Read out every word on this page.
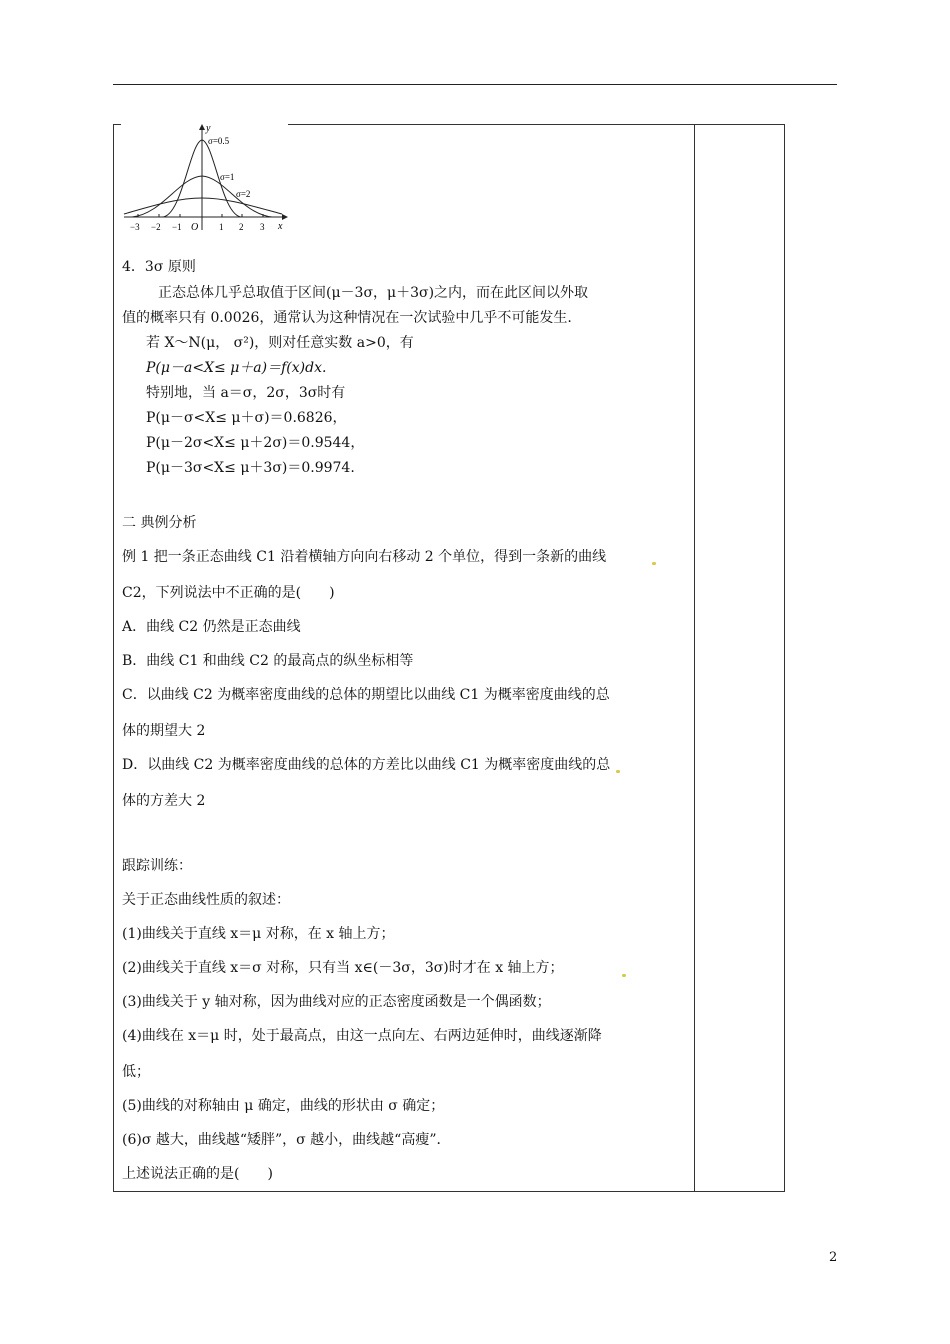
y
x
O
σ=0.5
σ=1
σ=2
−3 −2 −1	1 2 3
4．3σ 原则
正态总体几乎总取值于区间(μ－3σ，μ＋3σ)之内，而在此区间以外取
值的概率只有 0.0026，通常认为这种情况在一次试验中几乎不可能发生.
若 X～N(μ， σ²)，则对任意实数 a>0，有
P(μ－a<X≤ μ＋a)＝f(x)dx.
特别地，当 a＝σ，2σ，3σ时有
P(μ－σ<X≤ μ＋σ)＝0.6826，
P(μ－2σ<X≤ μ＋2σ)＝0.9544，
P(μ－3σ<X≤ μ＋3σ)＝0.9974.
二 典例分析
例 1 把一条正态曲线 C1 沿着横轴方向向右移动 2 个单位，得到一条新的曲线
C2，下列说法中不正确的是(　　)
A．曲线 C2 仍然是正态曲线
B．曲线 C1 和曲线 C2 的最高点的纵坐标相等
C．以曲线 C2 为概率密度曲线的总体的期望比以曲线 C1 为概率密度曲线的总
体的期望大 2
D．以曲线 C2 为概率密度曲线的总体的方差比以曲线 C1 为概率密度曲线的总
体的方差大 2
跟踪训练：
关于正态曲线性质的叙述：
(1)曲线关于直线 x＝μ 对称，在 x 轴上方；
(2)曲线关于直线 x＝σ 对称，只有当 x∈(－3σ，3σ)时才在 x 轴上方；
(3)曲线关于 y 轴对称，因为曲线对应的正态密度函数是一个偶函数；
(4)曲线在 x＝μ 时，处于最高点，由这一点向左、右两边延伸时，曲线逐渐降
低；
(5)曲线的对称轴由 μ 确定，曲线的形状由 σ 确定；
(6)σ 越大，曲线越“矮胖”，σ 越小，曲线越“高瘦”．
上述说法正确的是(　　)
2
